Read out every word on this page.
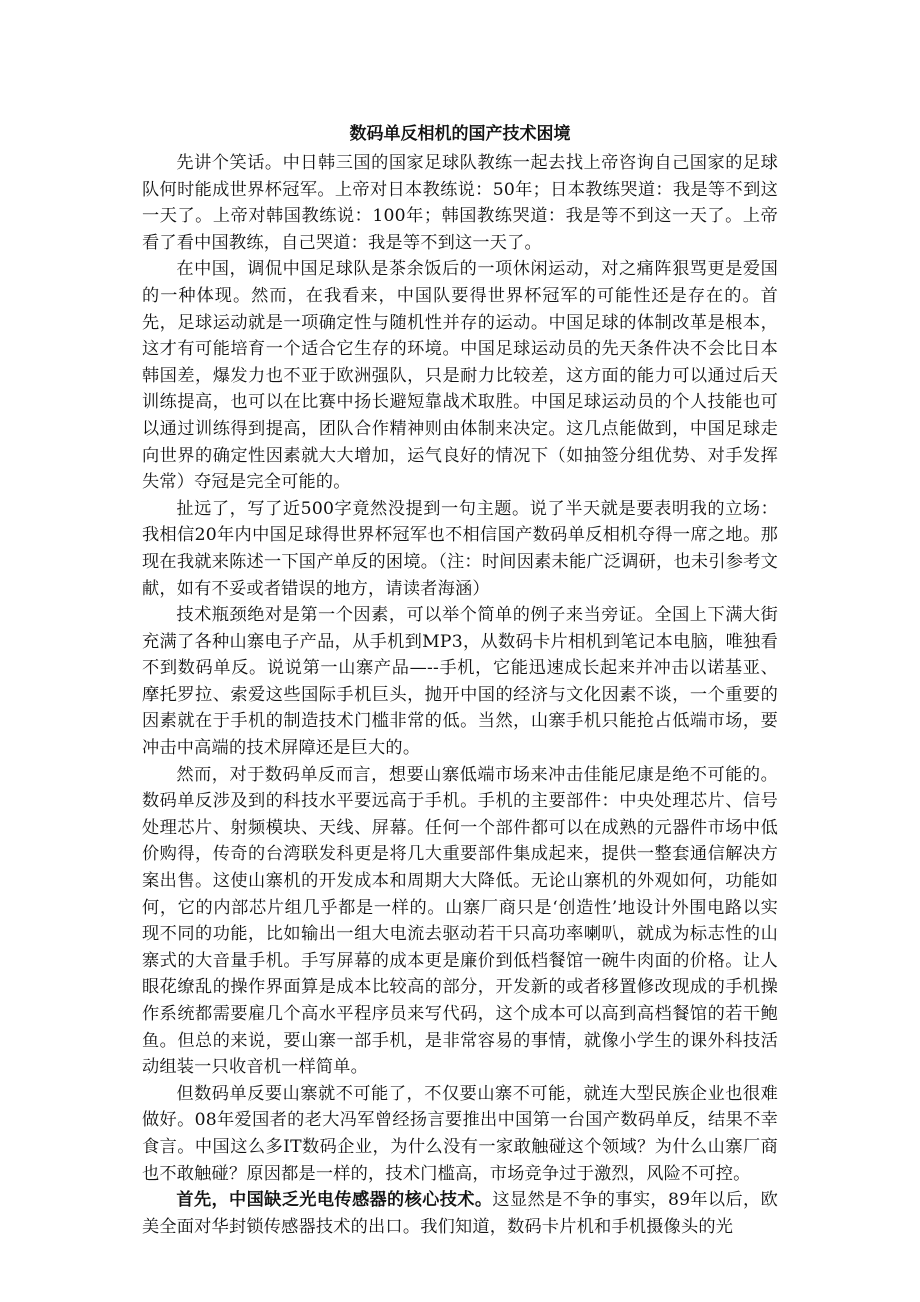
数码单反相机的国产技术困境

先讲个笑话。中日韩三国的国家足球队教练一起去找上帝咨询自己国家的足球队何时能成世界杯冠军。上帝对日本教练说：50年；日本教练哭道：我是等不到这一天了。上帝对韩国教练说：100年；韩国教练哭道：我是等不到这一天了。上帝看了看中国教练，自己哭道：我是等不到这一天了。

在中国，调侃中国足球队是茶余饭后的一项休闲运动，对之痛阵狠骂更是爱国的一种体现。然而，在我看来，中国队要得世界杯冠军的可能性还是存在的。首先，足球运动就是一项确定性与随机性并存的运动。中国足球的体制改革是根本，这才有可能培育一个适合它生存的环境。中国足球运动员的先天条件决不会比日本韩国差，爆发力也不亚于欧洲强队，只是耐力比较差，这方面的能力可以通过后天训练提高，也可以在比赛中扬长避短靠战术取胜。中国足球运动员的个人技能也可以通过训练得到提高，团队合作精神则由体制来决定。这几点能做到，中国足球走向世界的确定性因素就大大增加，运气良好的情况下（如抽签分组优势、对手发挥失常）夺冠是完全可能的。

扯远了，写了近500字竟然没提到一句主题。说了半天就是要表明我的立场：我相信20年内中国足球得世界杯冠军也不相信国产数码单反相机夺得一席之地。那现在我就来陈述一下国产单反的困境。（注：时间因素未能广泛调研，也未引参考文献，如有不妥或者错误的地方，请读者海涵）

技术瓶颈绝对是第一个因素，可以举个简单的例子来当旁证。全国上下满大街充满了各种山寨电子产品，从手机到MP3，从数码卡片相机到笔记本电脑，唯独看不到数码单反。说说第一山寨产品—--手机，它能迅速成长起来并冲击以诺基亚、摩托罗拉、索爱这些国际手机巨头，抛开中国的经济与文化因素不谈，一个重要的因素就在于手机的制造技术门槛非常的低。当然，山寨手机只能抢占低端市场，要冲击中高端的技术屏障还是巨大的。

然而，对于数码单反而言，想要山寨低端市场来冲击佳能尼康是绝不可能的。数码单反涉及到的科技水平要远高于手机。手机的主要部件：中央处理芯片、信号处理芯片、射频模块、天线、屏幕。任何一个部件都可以在成熟的元器件市场中低价购得，传奇的台湾联发科更是将几大重要部件集成起来，提供一整套通信解决方案出售。这使山寨机的开发成本和周期大大降低。无论山寨机的外观如何，功能如何，它的内部芯片组几乎都是一样的。山寨厂商只是‘创造性’地设计外围电路以实现不同的功能，比如输出一组大电流去驱动若干只高功率喇叭，就成为标志性的山寨式的大音量手机。手写屏幕的成本更是廉价到低档餐馆一碗牛肉面的价格。让人眼花缭乱的操作界面算是成本比较高的部分，开发新的或者移置修改现成的手机操作系统都需要雇几个高水平程序员来写代码，这个成本可以高到高档餐馆的若干鲍鱼。但总的来说，要山寨一部手机，是非常容易的事情，就像小学生的课外科技活动组装一只收音机一样简单。

但数码单反要山寨就不可能了，不仅要山寨不可能，就连大型民族企业也很难做好。08年爱国者的老大冯军曾经扬言要推出中国第一台国产数码单反，结果不幸食言。中国这么多IT数码企业，为什么没有一家敢触碰这个领域？为什么山寨厂商也不敢触碰？原因都是一样的，技术门槛高，市场竞争过于激烈，风险不可控。

首先，中国缺乏光电传感器的核心技术。这显然是不争的事实，89年以后，欧美全面对华封锁传感器技术的出口。我们知道，数码卡片机和手机摄像头的光
